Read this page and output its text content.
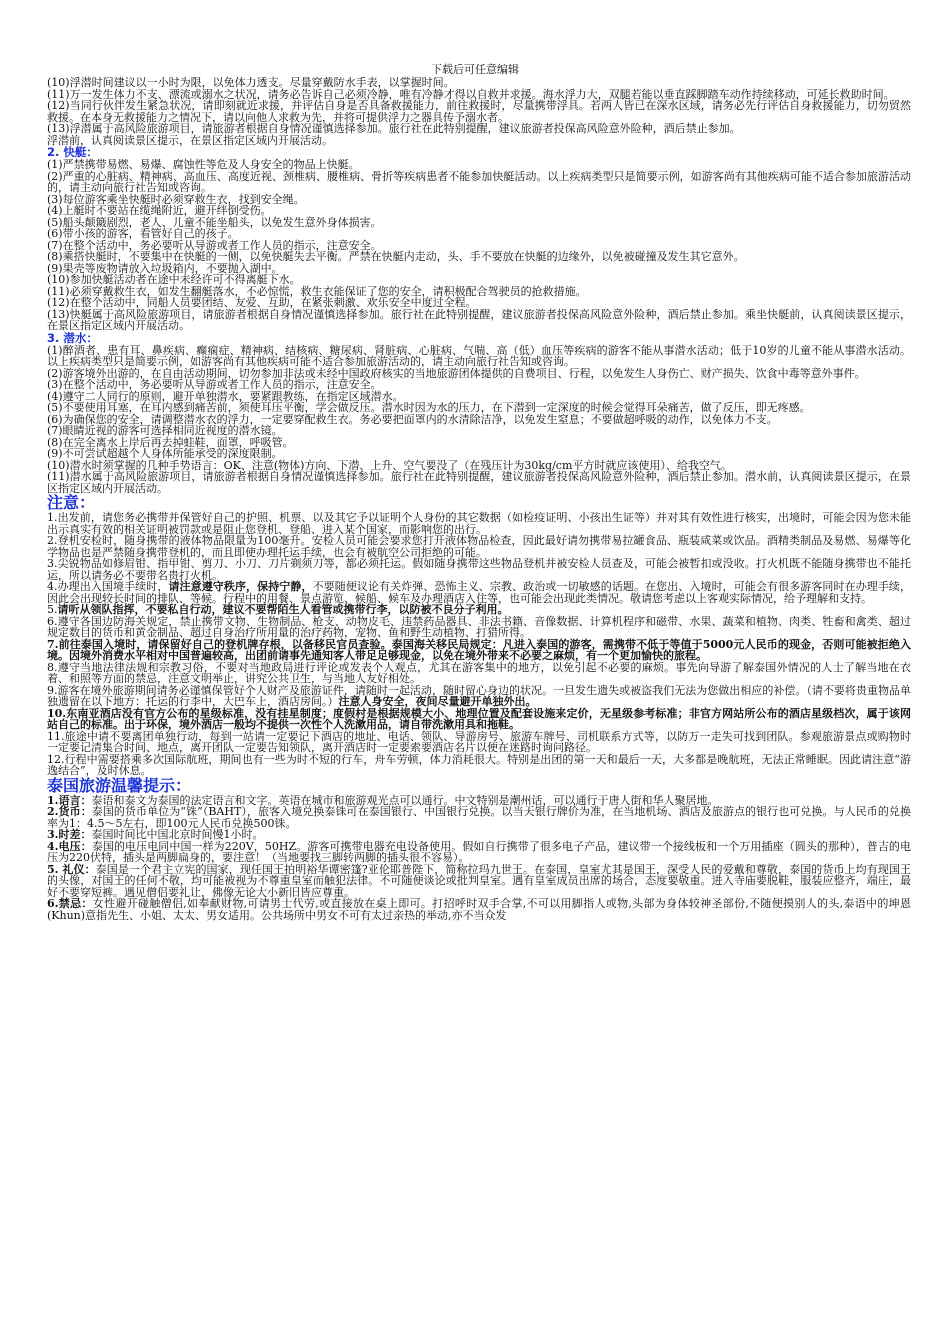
下载后可任意编辑

(10)浮潜时间建议以一小时为限，以免体力透支。尽量穿戴防水手表，以掌握时间。

(11)万一发生体力不支、漂流或溺水之状况，请务必告诉自己必须冷静，唯有冷静才得以自救并求援。海水浮力大，双腿若能以垂直踩脚踏车动作持续移动，可延长救助时间。

(12)当同行伙伴发生紧急状况，请即刻就近求援，并评估自身是否具备救援能力，前往救援时，尽量携带浮具。若两人皆已在深水区域，请务必先行评估自身救援能力，切勿贸然救援。在本身无救援能力之情况下，请以向他人求救为先，并将可提供浮力之器具传予溺水者。

(13)浮潜属于高风险旅游项目，请旅游者根据自身情况谨慎选择参加。旅行社在此特别提醒，建议旅游者投保高风险意外险种，酒后禁止参加。

浮潜前，认真阅读景区提示，在景区指定区域内开展活动。

2. 快艇：

(1)严禁携带易燃、易爆、腐蚀性等危及人身安全的物品上快艇。

(2)严重的心脏病、精神病、高血压、高度近视、颈椎病、腰椎病、骨折等疾病患者不能参加快艇活动。以上疾病类型只是简要示例，如游客尚有其他疾病可能不适合参加旅游活动的，请主动向旅行社告知或咨询。

(3)每位游客乘坐快艇时必须穿救生衣，找到安全绳。

(4)上艇时不要站在缆绳附近，避开绊倒受伤。

(5)船头颠簸剧烈，老人、儿童不能坐船头，以免发生意外身体损害。

(6)带小孩的游客，看管好自己的孩子。

(7)在整个活动中，务必要听从导游或者工作人员的指示，注意安全。

(8)乘搭快艇时，不要集中在快艇的一侧，以免快艇失去平衡。严禁在快艇内走动，头、手不要放在快艇的边缘外，以免被碰撞及发生其它意外。

(9)果壳等废物请放入垃圾箱内，不要抛入湖中。

(10)参加快艇活动者在途中未经许可不得离艇下水。

(11)必须穿戴救生衣，如发生翻艇落水，不必惊慌，救生衣能保证了您的安全，请积极配合驾驶员的抢救措施。

(12)在整个活动中，同船人员要团结、友爱、互助，在紧张刺激、欢乐安全中度过全程。

(13)快艇属于高风险旅游项目，请旅游者根据自身情况谨慎选择参加。旅行社在此特别提醒，建议旅游者投保高风险意外险种，酒后禁止参加。乘坐快艇前，认真阅读景区提示，在景区指定区域内开展活动。

3. 潜水：

(1)醉酒者、患有耳、鼻疾病、癫痫症、精神病、结核病、糖尿病、肾脏病、心脏病、气喘、高（低）血压等疾病的游客不能从事潜水活动；低于10岁的儿童不能从事潜水活动。以上疾病类型只是简要示例，如游客尚有其他疾病可能不适合参加旅游活动的，请主动向旅行社告知或咨询。

(2)游客境外出游的，在自由活动期间，切勿参加非法或未经中国政府核实的当地旅游团体提供的自费项目、行程，以免发生人身伤亡、财产损失、饮食中毒等意外事件。

(3)在整个活动中，务必要听从导游或者工作人员的指示，注意安全。

(4)遵守二人同行的原则，避开单独潜水，要紧跟教练，在指定区域潜水。

(5)不要使用耳塞，在耳内感到痛苦前，须使耳压平衡，学会做反压。潜水时因为水的压力，在下潜到一定深度的时候会觉得耳朵痛苦，做了反压，即无疼感。

(6)为确保您的安全，请调整潜水衣的浮力，一定要穿配救生衣。务必要把面罩内的水清除洁净，以免发生窒息；不要做超呼吸的动作，以免体力不支。

(7)眼睛近视的游客可选择相同近视度的潜水镜。

(8)在完全离水上岸后再去掉蛙鞋，面罩，呼吸管。

(9)不可尝试超越个人身体所能承受的深度限制。

(10)潜水时须掌握的几种手势语言：OK、注意(物体)方向、下潜、上升、空气要没了（在残压计为30kg/cm平方时就应该使用）、给我空气。

(11)潜水属于高风险旅游项目，请旅游者根据自身情况谨慎选择参加。旅行社在此特别提醒，建议旅游者投保高风险意外险种，酒后禁止参加。潜水前，认真阅读景区提示，在景区指定区域内开展活动。

注意：

1.出发前，请您务必携带并保管好自己的护照、机票、以及其它予以证明个人身份的其它数据（如检疫证明、小孩出生证等）并对其有效性进行核实，出境时，可能会因为您未能出示真实有效的相关证明被罚款或是阻止您登机、登船、进入某个国家，而影响您的出行。

2.登机安检时，随身携带的液体物品限量为100毫升。安检人员可能会要求您打开液体物品检查，因此最好请勿携带易拉罐食品、瓶装咸菜或饮品。酒精类制品及易燃、易爆等化学物品也是严禁随身携带登机的，而且即使办理托运手续，也会有被航空公司拒绝的可能。

3.尖锐物品如修眉钳、指甲钳、剪刀、小刀、刀片剃须刀等，都必须托运。假如随身携带这些物品登机并被安检人员查及，可能会被暂扣或没收。打火机既不能随身携带也不能托运，所以请务必不要带名贵打火机。

4.办理出入国境手续时，请注意遵守秩序，保持宁静，不要随便议论有关炸弹、恐怖主义、宗教、政治或一切敏感的话题。在您出、入境时，可能会有很多游客同时在办理手续，因此会出现较长时间的排队、等候。行程中的用餐、景点游览、候船、候车及办理酒店入住等，也可能会出现此类情况。敬请您考虑以上客观实际情况，给予理解和支持。

5.请听从领队指挥，不要私自行动，建议不要帮陌生人看管或携带行李，以防被不良分子利用。

6.遵守各国边防海关规定，禁止携带文物、生物制品、枪支、动物皮毛、违禁药品器具、非法书籍、音像数据、计算机程序和磁带、水果、蔬菜和植物、肉类、牲畜和禽类、超过规定数目的货币和黄金制品、超过自身治疗所用量的治疗药物，宠物、鱼和野生动植物、打猎所得。

7.前往泰国入境时，请保留好自己的登机牌存根，以备移民官员查验。泰国海关移民局规定：凡进入泰国的游客，需携带不低于等值于5000元人民币的现金，否则可能被拒绝入境。因境外消费水平相对中国普遍较高，出团前请事先通知客人带足足够现金，以免在境外带来不必要之麻烦，有一个更加愉快的旅程。

8.遵守当地法律法规和宗教习俗，不要对当地政局进行评论或发表个人观点，尤其在游客集中的地方，以免引起不必要的麻烦。事先向导游了解泰国外情况的人士了解当地在衣着、和照等方面的禁忌，注意文明举止，讲究公共卫生，与当地人友好相处。

9.游客在境外旅游期间请务必谨慎保管好个人财产及旅游证件，请随时一起活动，随时留心身边的状况。一旦发生遗失或被盗我们无法为您做出相应的补偿。（请不要将贵重物品单独遗留在以下地方：托运的行李中，大巴车上，酒店房间。）注意人身安全，夜间尽量避开单独外出。

10.东南亚酒店没有官方公布的星级标准，没有挂星制度；度假村是根据规模大小、地理位置及配套设施来定价，无星级参考标准；非官方网站所公布的酒店星级档次，属于该网站自己的标准。出于环保，境外酒店一般均不提供一次性个人洗漱用品，请自带洗漱用具和拖鞋。

11.旅途中请不要离团单独行动，每到一站请一定要记下酒店的地址、电话、领队、导游房号、旅游车牌号、司机联系方式等，以防万一走失可找到团队。参观旅游景点或购物时一定要记清集合时间、地点，离开团队一定要告知领队，离开酒店时一定要索要酒店名片以便在迷路时询问路径。

12.行程中需要搭乘多次国际航班，期间也有一些为时不短的行车，舟车劳顿，体力消耗很大。特别是出团的第一天和最后一天，大多都是晚航班，无法正常睡眠。因此请注意“游逸结合”，及时休息。

泰国旅游温馨提示：

1.语言：泰语和泰文为泰国的法定语言和文字。英语在城市和旅游观光点可以通行。中文特别是潮州话，可以通行于唐人街和华人聚居地。

2.货币：泰国的货币单位为“铢”（BAHT），旅客入境兑换泰铢可在泰国银行、中国银行兑换。以当天银行牌价为准，在当地机场、酒店及旅游点的银行也可兑换。与人民币的兑换率为1：4.5～5左右，即100元人民币兑换500铢。

3.时差：泰国时间比中国北京时间慢1小时。

4.电压：泰国的电压电同中国一样为220V，50HZ。游客可携带电器充电设备使用。假如自行携带了很多电子产品，建议带一个接线板和一个万用插座（圆头的那种），普吉的电压为220伏特，插头是两脚扁身的，要注意！（当地要找三脚转两脚的插头很不容易）。

5. 礼仪：泰国是一个君主立宪的国家，现任国王拍明裕华谭密篷?亚伦耶普陛下，简称拉玛九世王。在泰国，皇室尤其是国王，深受人民的爱戴和尊敬，泰国的货币上均有现国王的头像，对国王的任何不敬，均可能被视为不尊重皇室而触犯法律。不可随便谈论或批判皇室。遇有皇室成员出席的场合，态度要敬重。进入寺庙要脱鞋，服装应整齐，端庄，最好不要穿短裤。遇见僧侣要礼让，佛像无论大小新旧皆应尊重。

6.禁忌：女性避开碰触僧侣,如奉献财物,可请男士代劳,或直接放在桌上即可。打招呼时双手合掌,不可以用脚指人或物,头部为身体较神圣部份,不随便摸别人的头,泰语中的坤恩(Khun)意指先生、小姐、太太、男女适用。公共场所中男女不可有太过亲热的举动,亦不当众发
